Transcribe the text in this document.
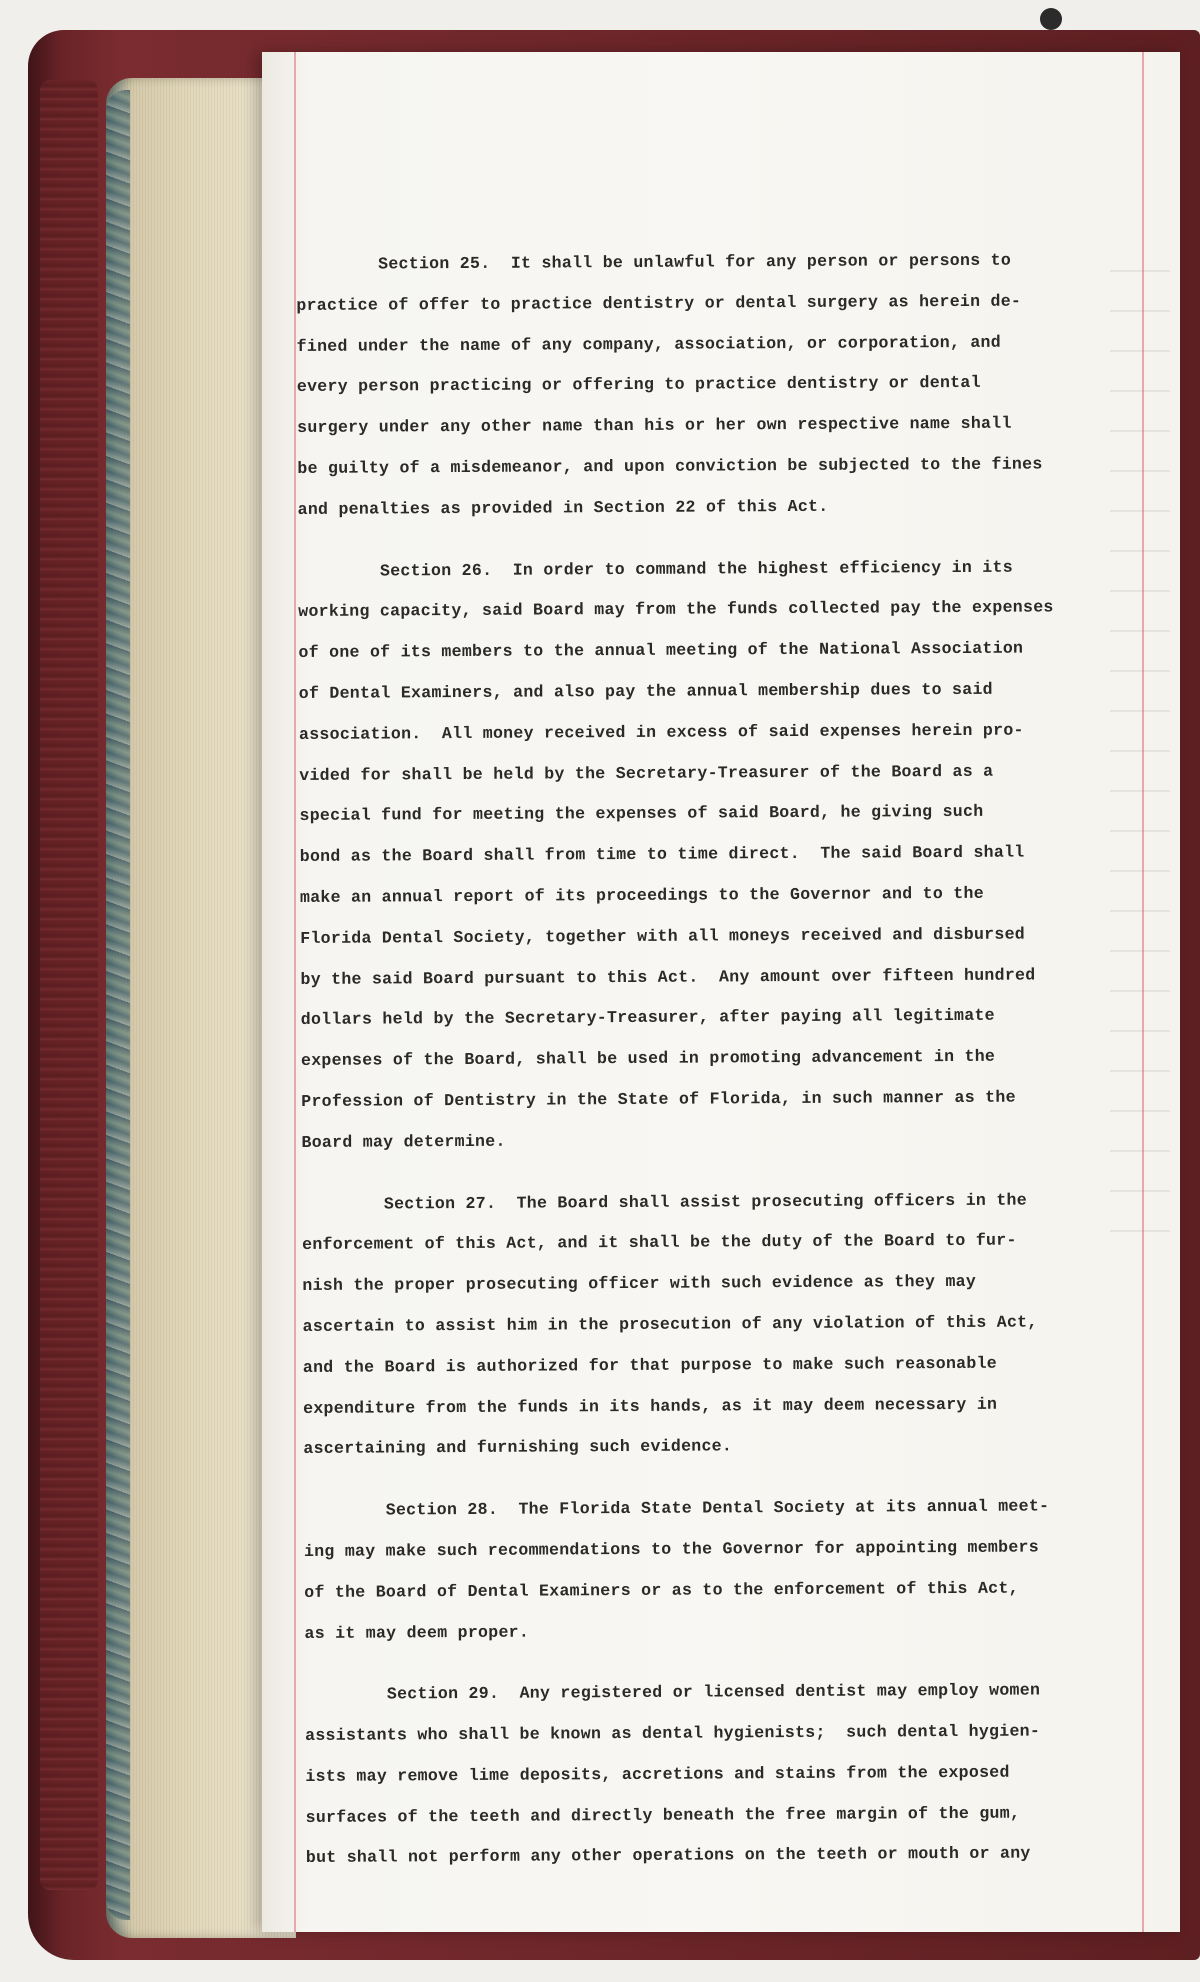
Section 25.  It shall be unlawful for any person or persons to
practice of offer to practice dentistry or dental surgery as herein de-
fined under the name of any company, association, or corporation, and
every person practicing or offering to practice dentistry or dental
surgery under any other name than his or her own respective name shall
be guilty of a misdemeanor, and upon conviction be subjected to the fines
and penalties as provided in Section 22 of this Act.
Section 26.  In order to command the highest efficiency in its
working capacity, said Board may from the funds collected pay the expenses
of one of its members to the annual meeting of the National Association
of Dental Examiners, and also pay the annual membership dues to said
association.  All money received in excess of said expenses herein pro-
vided for shall be held by the Secretary-Treasurer of the Board as a
special fund for meeting the expenses of said Board, he giving such
bond as the Board shall from time to time direct.  The said Board shall
make an annual report of its proceedings to the Governor and to the
Florida Dental Society, together with all moneys received and disbursed
by the said Board pursuant to this Act.  Any amount over fifteen hundred
dollars held by the Secretary-Treasurer, after paying all legitimate
expenses of the Board, shall be used in promoting advancement in the
Profession of Dentistry in the State of Florida, in such manner as the
Board may determine.
Section 27.  The Board shall assist prosecuting officers in the
enforcement of this Act, and it shall be the duty of the Board to fur-
nish the proper prosecuting officer with such evidence as they may
ascertain to assist him in the prosecution of any violation of this Act,
and the Board is authorized for that purpose to make such reasonable
expenditure from the funds in its hands, as it may deem necessary in
ascertaining and furnishing such evidence.
Section 28.  The Florida State Dental Society at its annual meet-
ing may make such recommendations to the Governor for appointing members
of the Board of Dental Examiners or as to the enforcement of this Act,
as it may deem proper.
Section 29.  Any registered or licensed dentist may employ women
assistants who shall be known as dental hygienists;  such dental hygien-
ists may remove lime deposits, accretions and stains from the exposed
surfaces of the teeth and directly beneath the free margin of the gum,
but shall not perform any other operations on the teeth or mouth or any
